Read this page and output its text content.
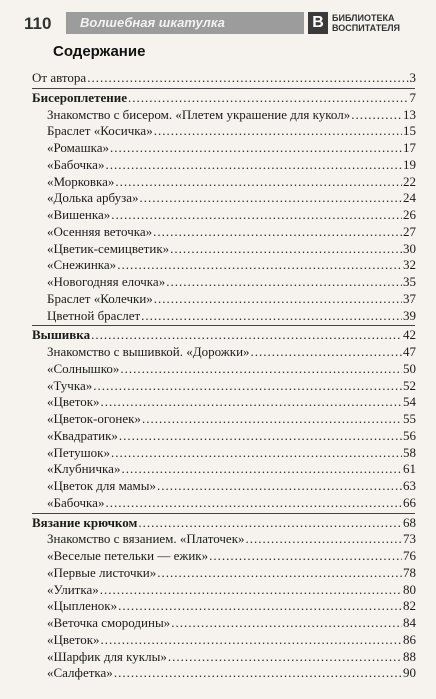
110 Волшебная шкатулка	В БИБЛИОТЕКА
ВОСПИТАТЕЛЯ
Содержание
От автора .....	3
Бисероплетение .....	7
Знакомство с бисером. «Плетем украшение для кукол» .....	13
Браслет «Косичка» .....	15
«Ромашка» .....	17
«Бабочка» .....	19
«Морковка» .....	22
«Долька арбуза» .....	24
«Вишенка» .....	26
«Осенняя веточка» .....	27
«Цветик-семицветик» .....	30
«Снежинка» .....	32
«Новогодняя елочка» .....	35
Браслет «Колечки» .....	37
Цветной браслет .....	39
Вышивка .....	42
Знакомство с вышивкой. «Дорожки» .....	47
«Солнышко» .....	50
«Тучка» .....	52
«Цветок» .....	54
«Цветок-огонек» .....	55
«Квадратик» .....	56
«Петушок» .....	58
«Клубничка» .....	61
«Цветок для мамы» .....	63
«Бабочка» .....	66
Вязание крючком .....	68
Знакомство с вязанием. «Платочек» .....	73
«Веселые петельки — ежик» .....	76
«Первые листочки» .....	78
«Улитка» .....	80
«Цыпленок» .....	82
«Веточка смородины» .....	84
«Цветок» .....	86
«Шарфик для куклы» .....	88
«Салфетка» .....	90
